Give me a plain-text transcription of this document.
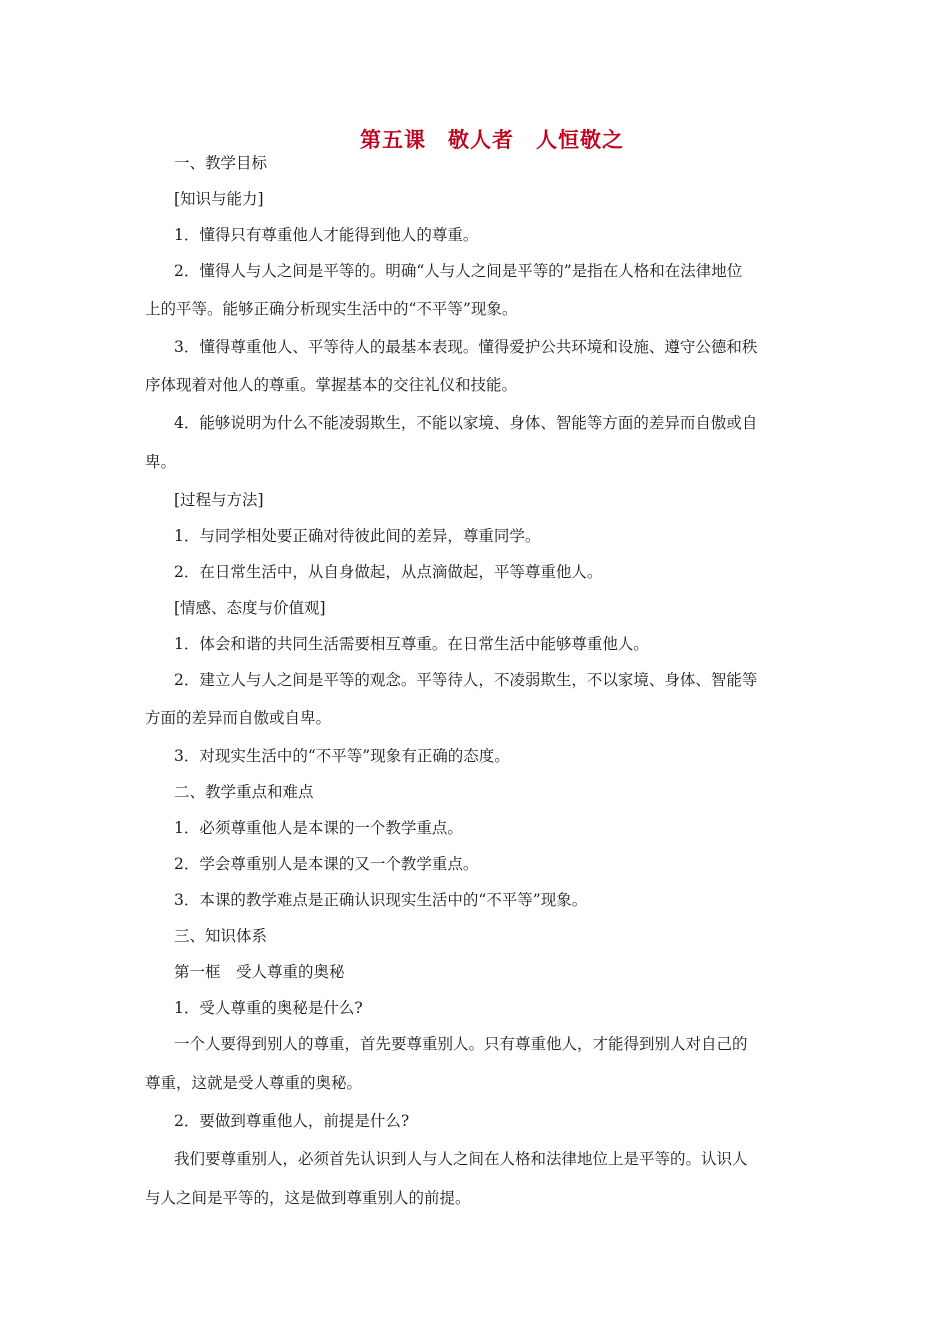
第五课　敬人者　人恒敬之
一、教学目标
[知识与能力]
1．懂得只有尊重他人才能得到他人的尊重。
2．懂得人与人之间是平等的。明确“人与人之间是平等的”是指在人格和在法律地位
上的平等。能够正确分析现实生活中的“不平等”现象。
3．懂得尊重他人、平等待人的最基本表现。懂得爱护公共环境和设施、遵守公德和秩
序体现着对他人的尊重。掌握基本的交往礼仪和技能。
4．能够说明为什么不能凌弱欺生，不能以家境、身体、智能等方面的差异而自傲或自
卑。
[过程与方法]
1．与同学相处要正确对待彼此间的差异，尊重同学。
2．在日常生活中，从自身做起，从点滴做起，平等尊重他人。
[情感、态度与价值观]
1．体会和谐的共同生活需要相互尊重。在日常生活中能够尊重他人。
2．建立人与人之间是平等的观念。平等待人，不凌弱欺生，不以家境、身体、智能等
方面的差异而自傲或自卑。
3．对现实生活中的“不平等”现象有正确的态度。
二、教学重点和难点
1．必须尊重他人是本课的一个教学重点。
2．学会尊重别人是本课的又一个教学重点。
3．本课的教学难点是正确认识现实生活中的“不平等”现象。
三、知识体系
第一框　受人尊重的奥秘
1．受人尊重的奥秘是什么?
一个人要得到别人的尊重，首先要尊重别人。只有尊重他人，才能得到别人对自己的
尊重，这就是受人尊重的奥秘。
2．要做到尊重他人，前提是什么?
我们要尊重别人，必须首先认识到人与人之间在人格和法律地位上是平等的。认识人
与人之间是平等的，这是做到尊重别人的前提。
